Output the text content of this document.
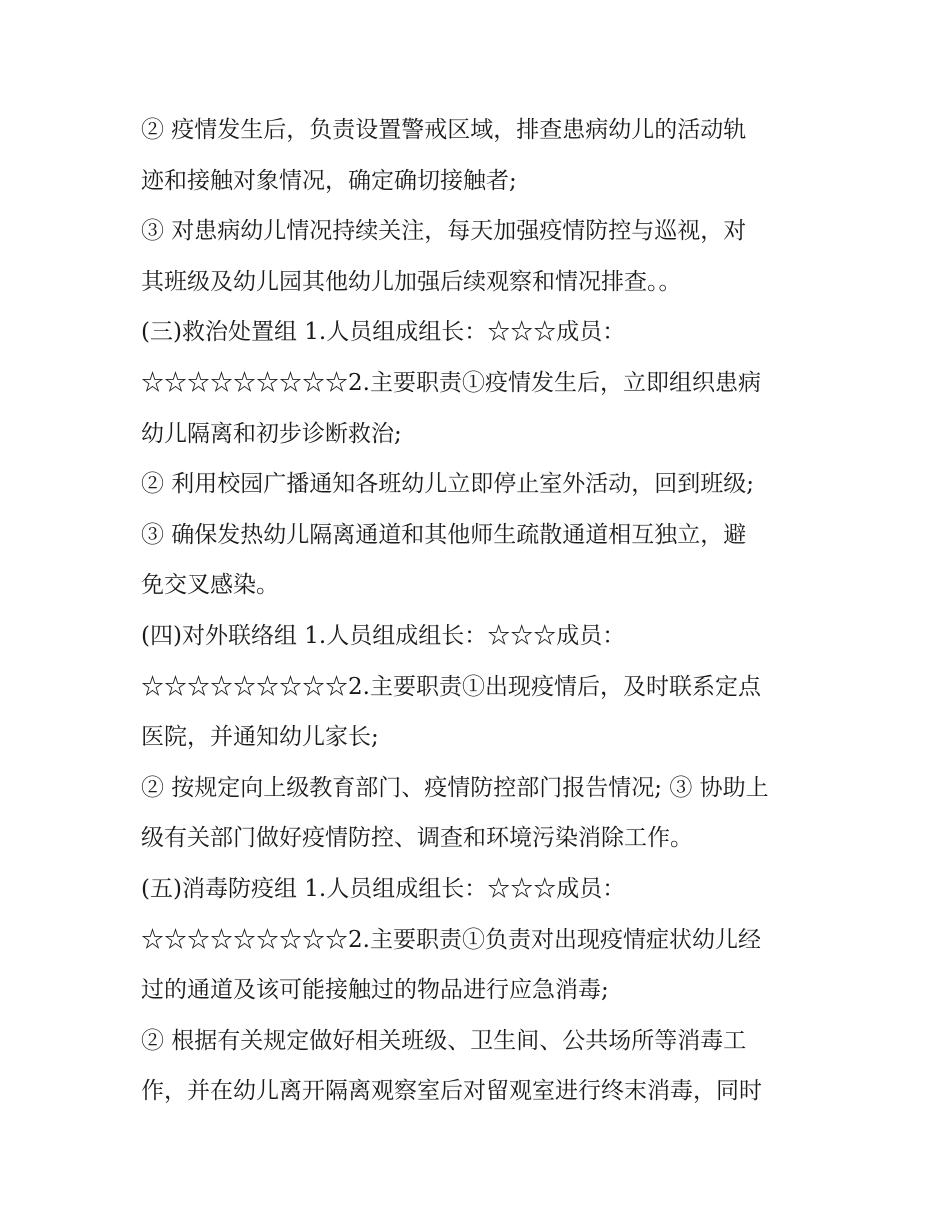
② 疫情发生后，负责设置警戒区域，排查患病幼儿的活动轨

迹和接触对象情况，确定确切接触者;

③ 对患病幼儿情况持续关注，每天加强疫情防控与巡视，对

其班级及幼儿园其他幼儿加强后续观察和情况排查。。

(三)救治处置组 1.人员组成组长：☆☆☆成员：

☆☆☆☆☆☆☆☆☆2.主要职责①疫情发生后，立即组织患病

幼儿隔离和初步诊断救治;

② 利用校园广播通知各班幼儿立即停止室外活动，回到班级;

③ 确保发热幼儿隔离通道和其他师生疏散通道相互独立，避

免交叉感染。

(四)对外联络组 1.人员组成组长：☆☆☆成员：

☆☆☆☆☆☆☆☆☆2.主要职责①出现疫情后，及时联系定点

医院，并通知幼儿家长;

② 按规定向上级教育部门、疫情防控部门报告情况; ③ 协助上

级有关部门做好疫情防控、调查和环境污染消除工作。

(五)消毒防疫组 1.人员组成组长：☆☆☆成员：

☆☆☆☆☆☆☆☆☆2.主要职责①负责对出现疫情症状幼儿经

过的通道及该可能接触过的物品进行应急消毒;

② 根据有关规定做好相关班级、卫生间、公共场所等消毒工

作，并在幼儿离开隔离观察室后对留观室进行终末消毒，同时
